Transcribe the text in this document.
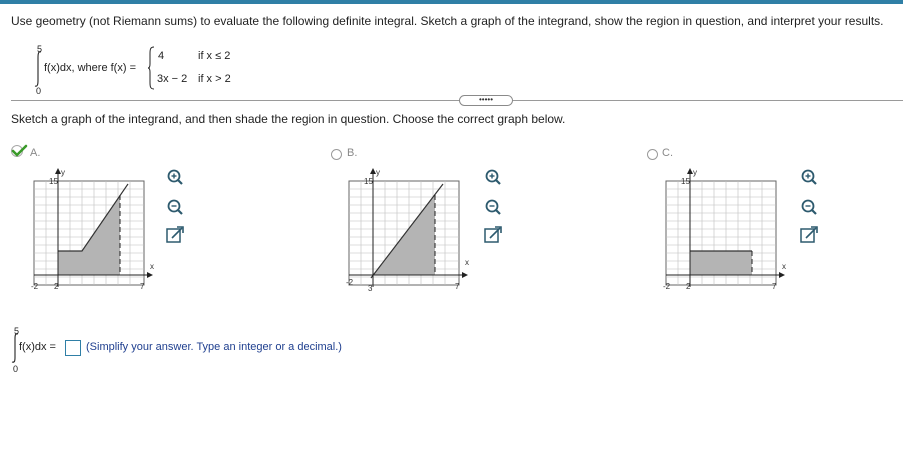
Use geometry (not Riemann sums) to evaluate the following definite integral. Sketch a graph of the integrand, show the region in question, and interpret your results.
5
0
f(x)dx, where f(x) =
4	if x ≤ 2
3x − 2 if x > 2
•••••
Sketch a graph of the integrand, and then shade the region in question. Choose the correct graph below.
A.	B.	C.
15
y
x
-2 2	7
15
y
x
-2
3	7
15
y
x
-2 2	7
5
0
f(x)dx =	(Simplify your answer. Type an integer or a decimal.)
